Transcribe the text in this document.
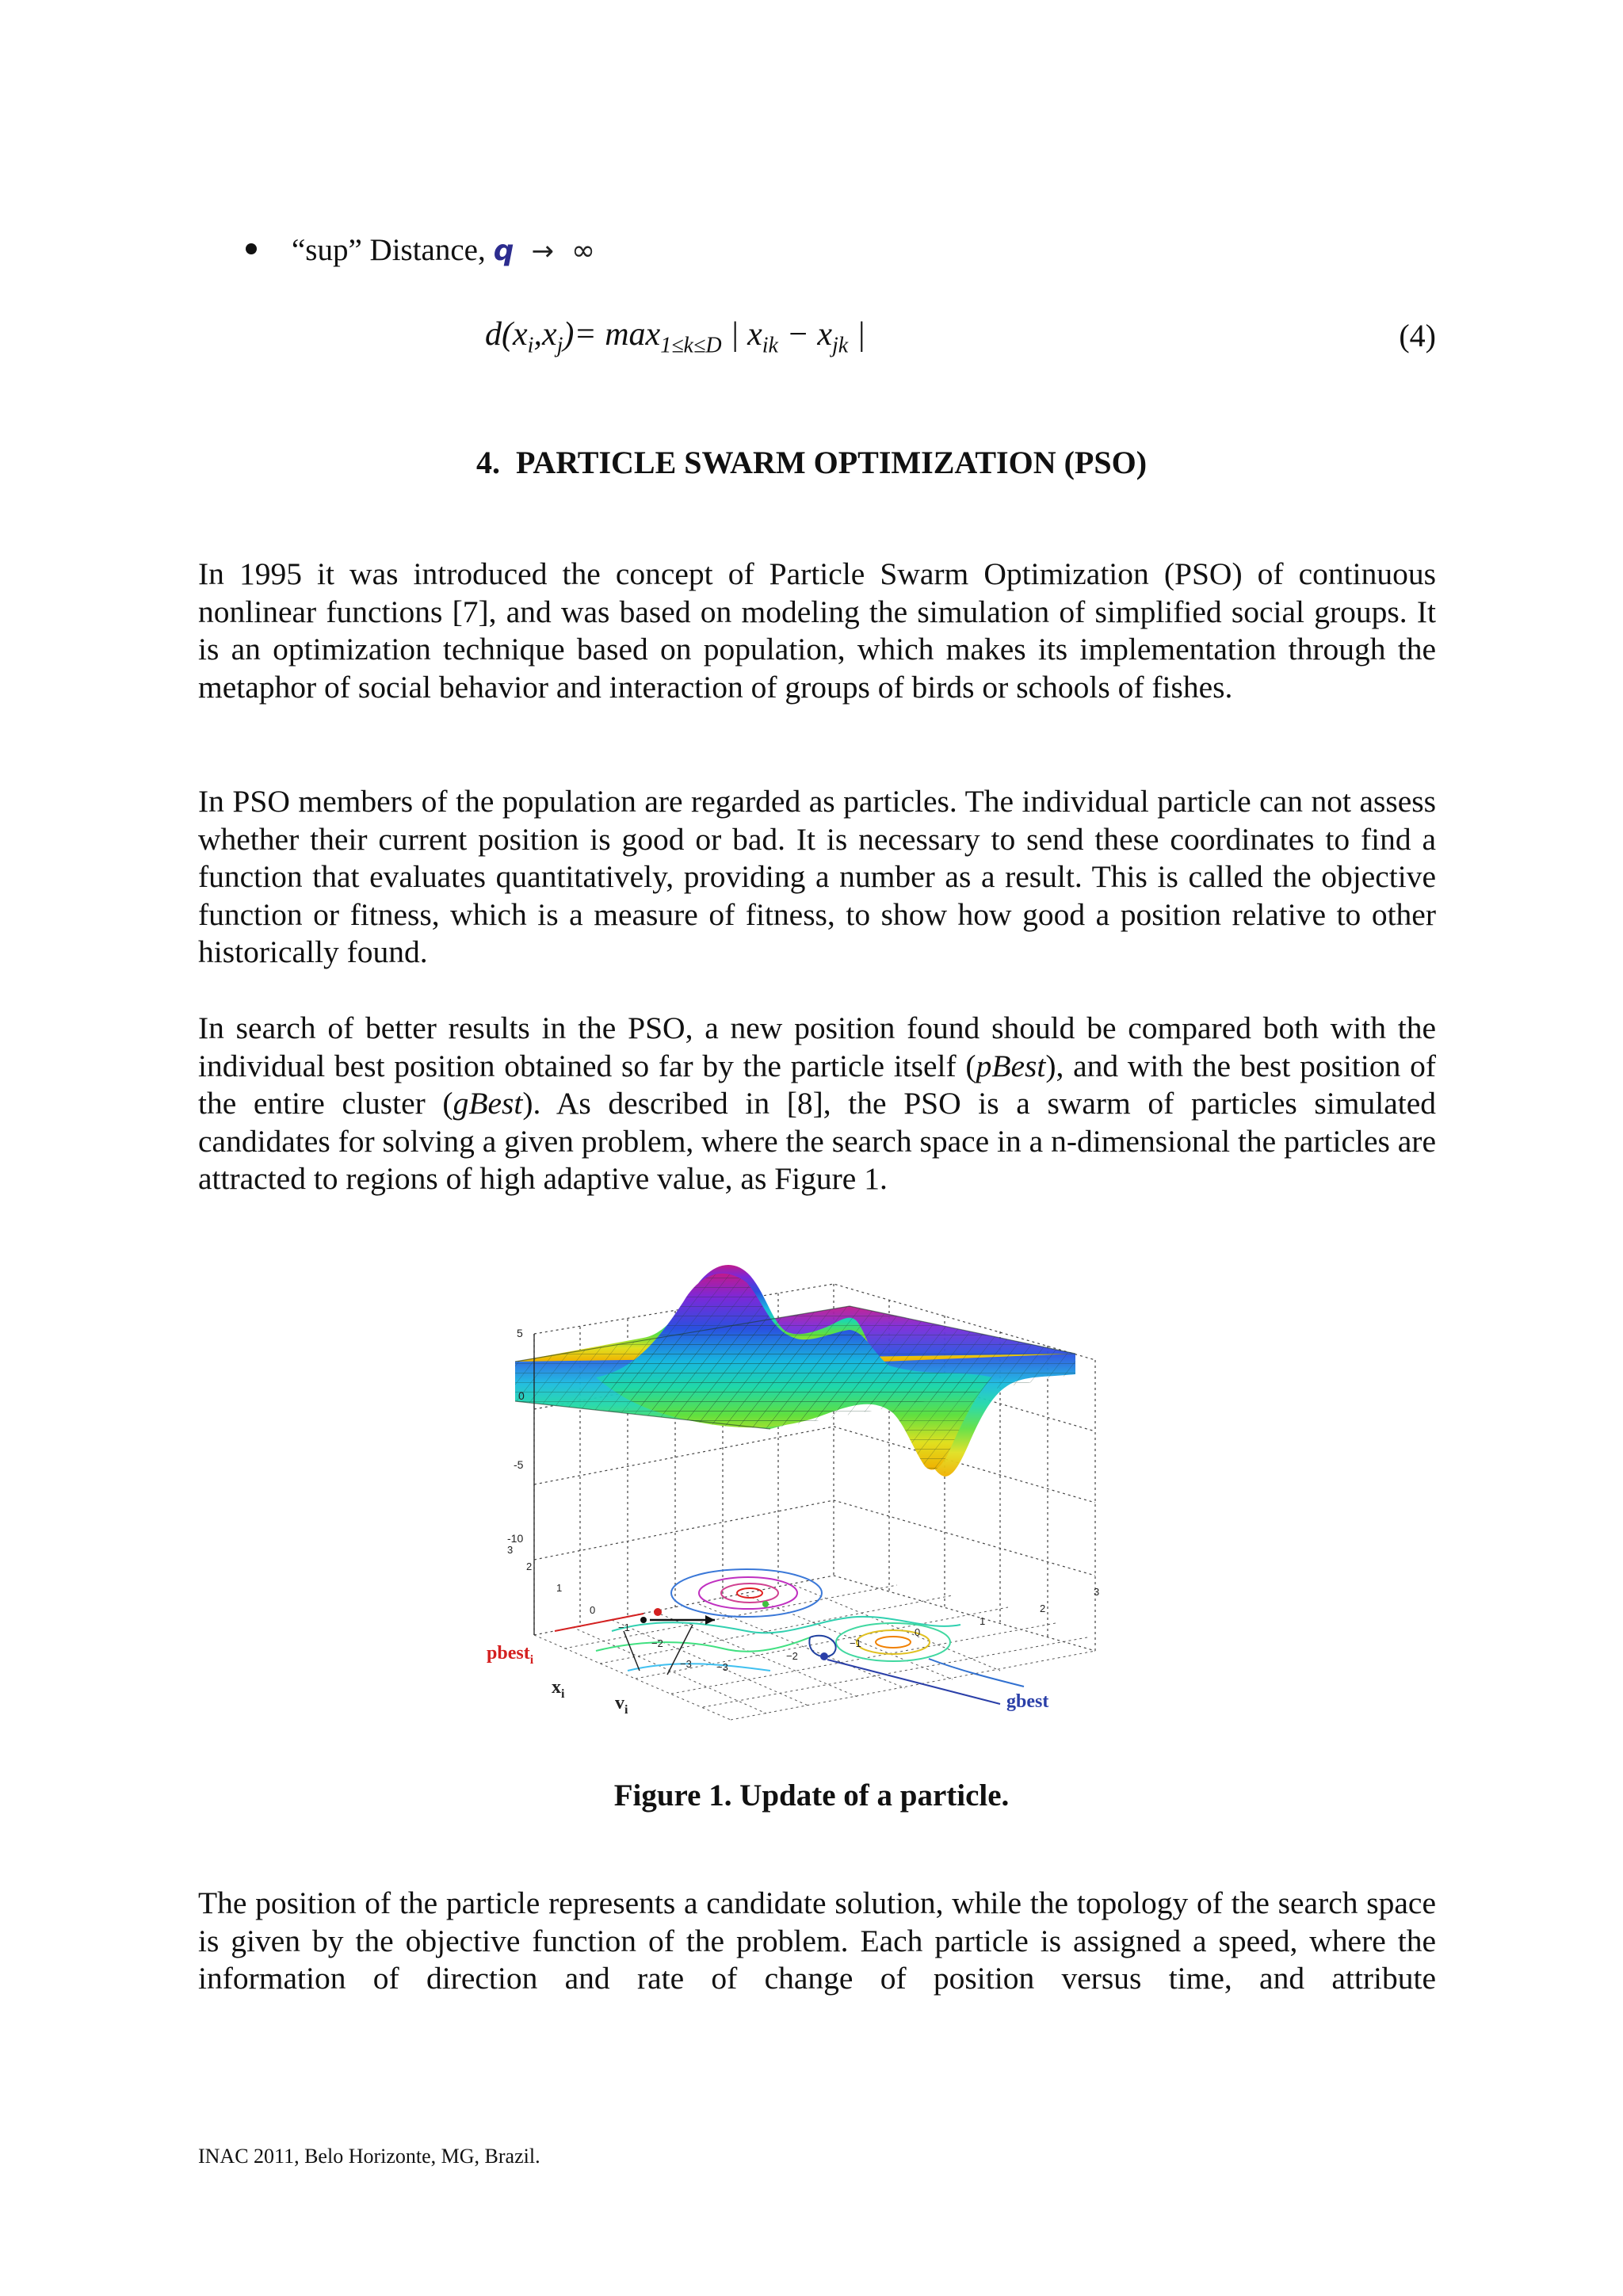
“sup” Distance, q → ∞
$d(x_i,x_j)= \max_{1\le k\le D}$ | $x_{ik} - x_{jk}$ |	(4)
4. PARTICLE SWARM OPTIMIZATION (PSO)

In 1995 it was introduced the concept of Particle Swarm Optimization (PSO) of continuous nonlinear functions [7], and was based on modeling the simulation of simplified social groups. It is an optimization technique based on population, which makes its implementation through the metaphor of social behavior and interaction of groups of birds or schools of fishes.

In PSO members of the population are regarded as particles. The individual particle can not assess whether their current position is good or bad. It is necessary to send these coordinates to find a function that evaluates quantitatively, providing a number as a result. This is called the objective function or fitness, which is a measure of fitness, to show how good a position relative to other historically found.

In search of better results in the PSO, a new position found should be compared both with the individual best position obtained so far by the particle itself (pBest), and with the best position of the entire cluster (gBest). As described in [8], the PSO is a swarm of particles simulated candidates for solving a given problem, where the search space in a n-dimensional the particles are attracted to regions of high adaptive value, as Figure 1.

5
0
-5
-10
3
2
1
0
−1
−2
−3 −3
−2
−1
0
1
2
3
pbest$_i$
$x_i$	$v_i$	gbest
Figure 1. Update of a particle.

The position of the particle represents a candidate solution, while the topology of the search space is given by the objective function of the problem. Each particle is assigned a speed, where the information of direction and rate of change of position versus time, and attribute

INAC 2011, Belo Horizonte, MG, Brazil.
